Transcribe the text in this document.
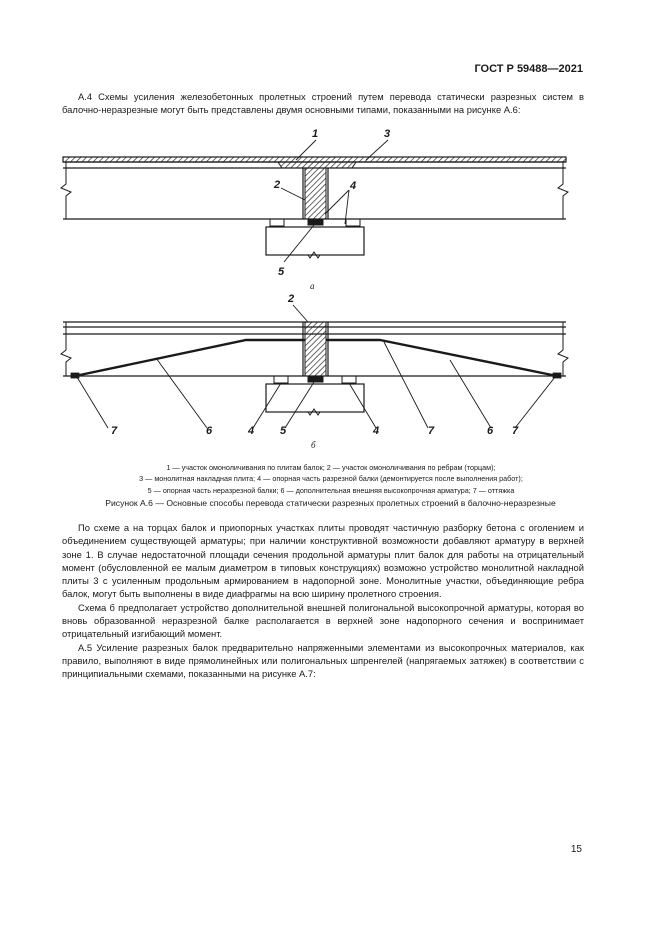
ГОСТ Р 59488—2021

А.4 Схемы усиления железобетонных пролетных строений путем перевода статически разрезных систем в балочно-неразрезные могут быть представлены двумя основными типами, показанными на рисунке А.6:

1	3
2	4
5
а
2
7	6	4 5	4	7	6 7
б
1 — участок омоноличивания по плитам балок; 2 — участок омоноличивания по ребрам (торцам);
3 — монолитная накладная плита; 4 — опорная часть разрезной балки (демонтируется после выполнения работ);
5 — опорная часть неразрезной балки; 6 — дополнительная внешняя высокопрочная арматура; 7 — оттяжка
Рисунок А.6 — Основные способы перевода статически разрезных пролетных строений в балочно-неразрезные

По схеме а на торцах балок и приопорных участках плиты проводят частичную разборку бетона с оголением и объединением существующей арматуры; при наличии конструктивной возможности добавляют арматуру в верхней зоне 1. В случае недостаточной площади сечения продольной арматуры плит балок для работы на отрицательный момент (обусловленной ее малым диаметром в типовых конструкциях) возможно устройство монолитной накладной плиты 3 с усиленным продольным армированием в надопорной зоне. Монолитные участки, объединяющие ребра балок, могут быть выполнены в виде диафрагмы на всю ширину пролетного строения.

Схема б предполагает устройство дополнительной внешней полигональной высокопрочной арматуры, которая во вновь образованной неразрезной балке располагается в верхней зоне надопорного сечения и воспринимает отрицательный изгибающий момент.

А.5 Усиление разрезных балок предварительно напряженными элементами из высокопрочных материалов, как правило, выполняют в виде прямолинейных или полигональных шпренгелей (напрягаемых затяжек) в соответствии с принципиальными схемами, показанными на рисунке А.7:

15
